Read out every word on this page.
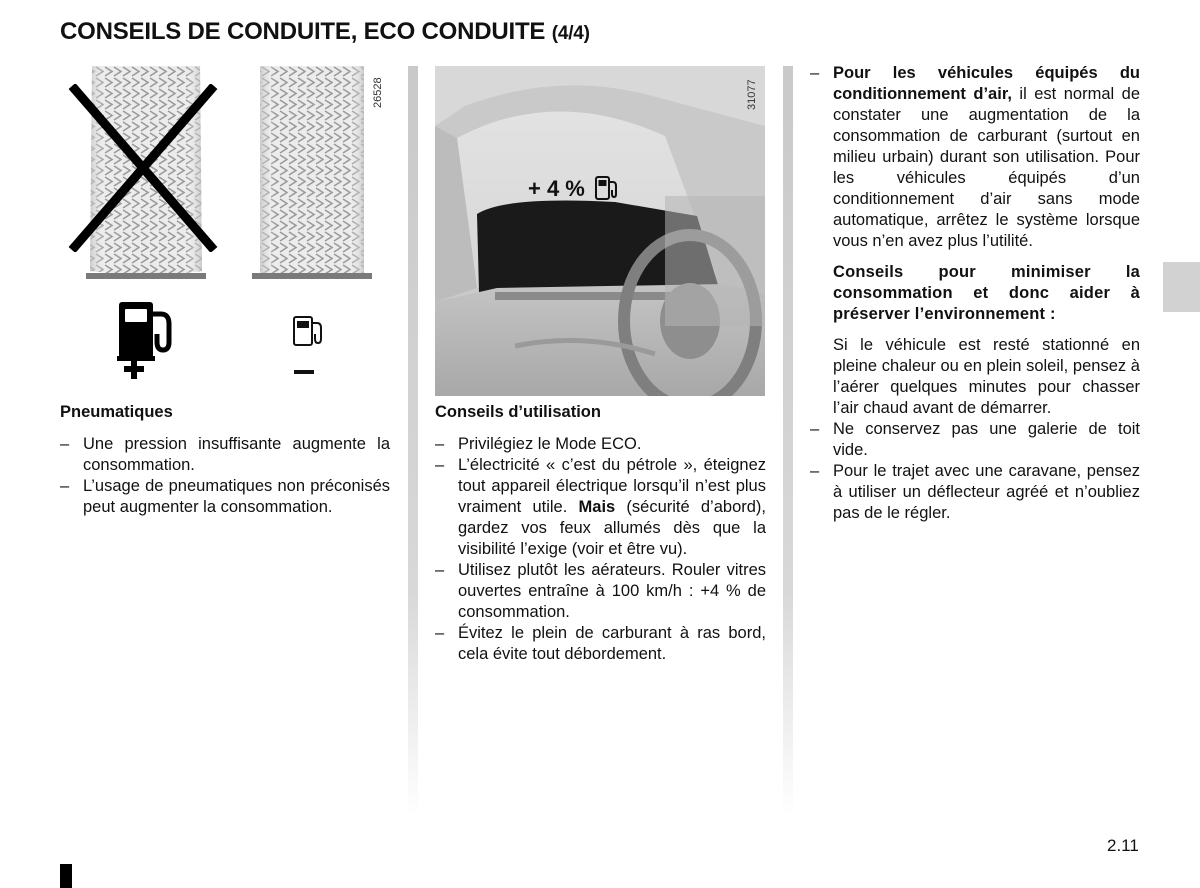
CONSEILS DE CONDUITE, ECO CONDUITE (4/4)
26528
+ 4 %
31077
Pneumatiques
– Une pression insuffisante augmente la consommation.
– L’usage de pneumatiques non préconisés peut augmenter la consommation.
Conseils d’utilisation
– Privilégiez le Mode ECO.
– L’électricité « c’est du pétrole », éteignez tout appareil électrique lorsqu’il n’est plus vraiment utile. Mais (sécurité d’abord), gardez vos feux allumés dès que la visibilité l’exige (voir et être vu).
– Utilisez plutôt les aérateurs. Rouler vitres ouvertes entraîne à 100 km/h : +4 % de consommation.
– Évitez le plein de carburant à ras bord, cela évite tout débordement.
– Pour les véhicules équipés du conditionnement d’air, il est normal de constater une augmentation de la consommation de carburant (surtout en milieu urbain) durant son utilisation. Pour les véhicules équipés d’un conditionnement d’air sans mode automatique, arrêtez le système lorsque vous n’en avez plus l’utilité.
Conseils pour minimiser la consommation et donc aider à préserver l’environnement :
Si le véhicule est resté stationné en pleine chaleur ou en plein soleil, pensez à l’aérer quelques minutes pour chasser l’air chaud avant de démarrer.
– Ne conservez pas une galerie de toit vide.
– Pour le trajet avec une caravane, pensez à utiliser un déflecteur agréé et n’oubliez pas de le régler.
2.11
